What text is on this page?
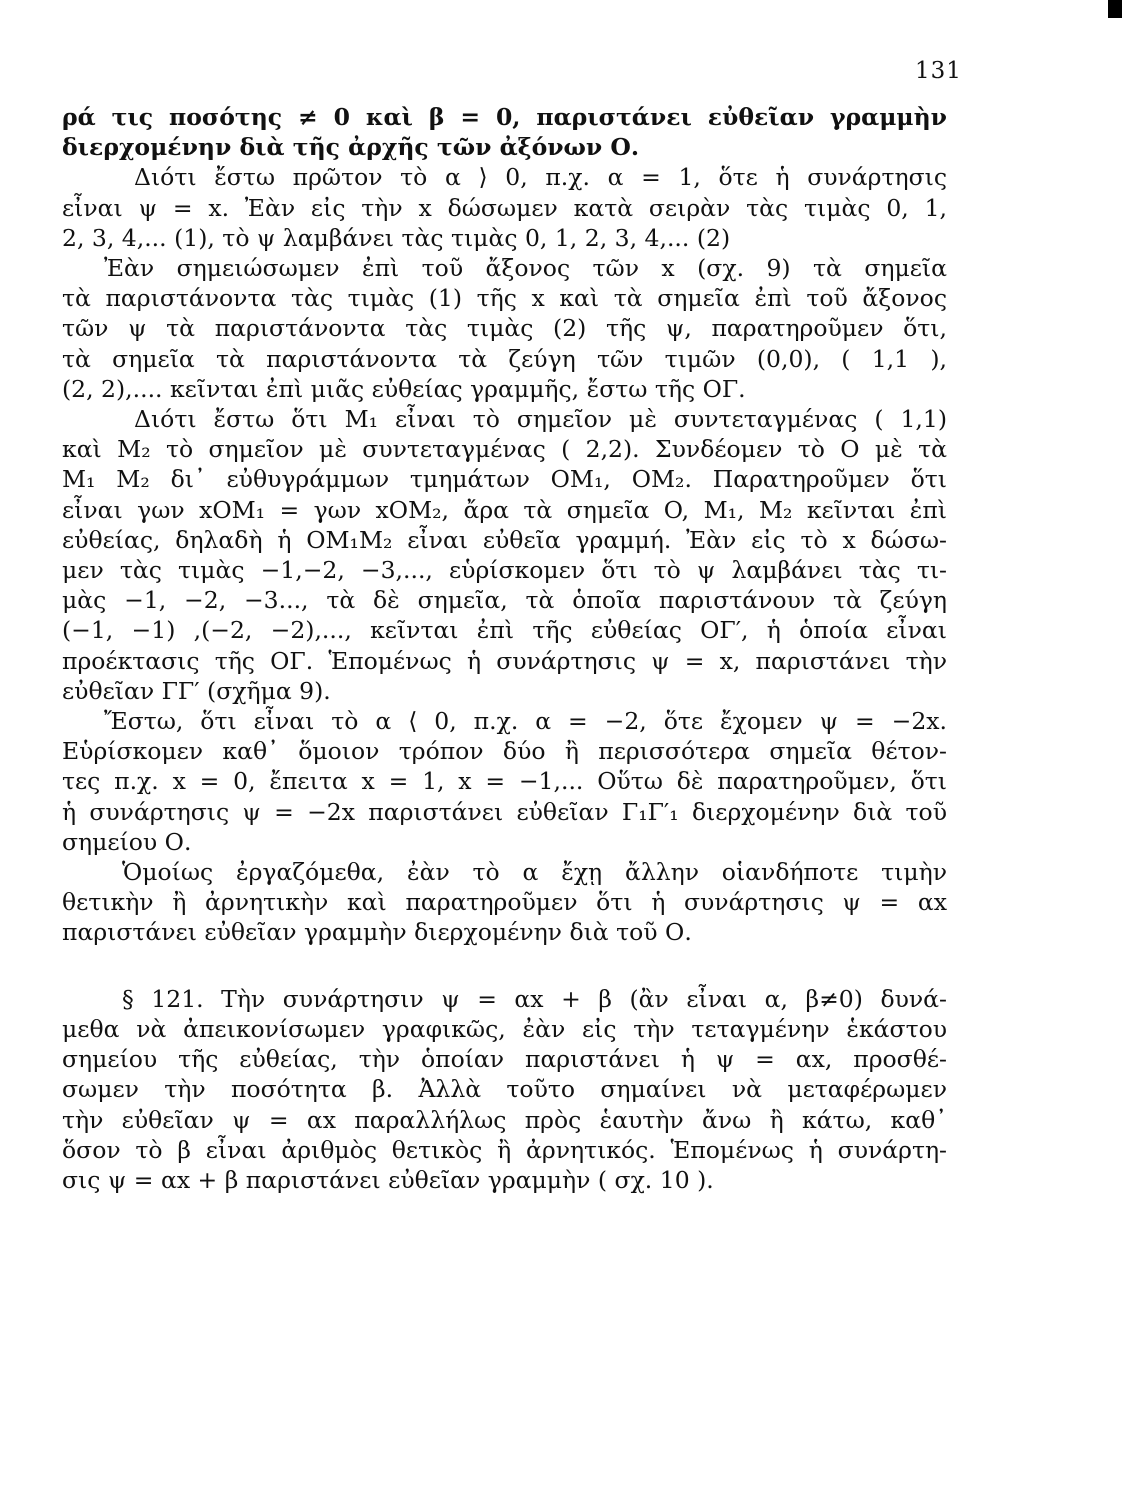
131
ρά τις ποσότης ≠ 0 καὶ β = 0, παριστάνει εὐθεῖαν γραμμὴν
διερχομένην διὰ τῆς ἀρχῆς τῶν ἀξόνων Ο.
Διότι ἔστω πρῶτον τὸ α ⟩ 0, π.χ. α = 1, ὅτε ἡ συνάρτησις
εἶναι ψ = x. Ἐὰν εἰς τὴν x δώσωμεν κατὰ σειρὰν τὰς τιμὰς 0, 1,
2, 3, 4,... (1), τὸ ψ λαμβάνει τὰς τιμὰς 0, 1, 2, 3, 4,... (2)
Ἐὰν σημειώσωμεν ἐπὶ τοῦ ἄξονος τῶν x (σχ. 9) τὰ σημεῖα
τὰ παριστάνοντα τὰς τιμὰς (1) τῆς x καὶ τὰ σημεῖα ἐπὶ τοῦ ἄξονος
τῶν ψ τὰ παριστάνοντα τὰς τιμὰς (2) τῆς ψ, παρατηροῦμεν ὅτι,
τὰ σημεῖα τὰ παριστάνοντα τὰ ζεύγη τῶν τιμῶν (0,0), ( 1,1 ),
(2, 2),.... κεῖνται ἐπὶ μιᾶς εὐθείας γραμμῆς, ἔστω τῆς ΟΓ.
Διότι ἔστω ὅτι M₁ εἶναι τὸ σημεῖον μὲ συντεταγμένας ( 1,1)
καὶ M₂ τὸ σημεῖον μὲ συντεταγμένας ( 2,2). Συνδέομεν τὸ Ο μὲ τὰ
M₁ M₂ δι᾽ εὐθυγράμμων τμημάτων OM₁, OM₂. Παρατηροῦμεν ὅτι
εἶναι γων xOM₁ = γων xOM₂, ἄρα τὰ σημεῖα O, M₁, M₂ κεῖνται ἐπὶ
εὐθείας, δηλαδὴ ἡ OM₁M₂ εἶναι εὐθεῖα γραμμή. Ἐὰν εἰς τὸ x δώσω-
μεν τὰς τιμὰς −1,−2, −3,..., εὑρίσκομεν ὅτι τὸ ψ λαμβάνει τὰς τι-
μὰς −1, −2, −3..., τὰ δὲ σημεῖα, τὰ ὁποῖα παριστάνουν τὰ ζεύγη
(−1, −1) ,(−2, −2),..., κεῖνται ἐπὶ τῆς εὐθείας ΟΓ′, ἡ ὁποία εἶναι
προέκτασις τῆς ΟΓ. Ἑπομένως ἡ συνάρτησις ψ = x, παριστάνει τὴν
εὐθεῖαν ΓΓ′ (σχῆμα 9).
Ἔστω, ὅτι εἶναι τὸ α ⟨ 0, π.χ. α = −2, ὅτε ἔχομεν ψ = −2x.
Εὑρίσκομεν καθ᾽ ὅμοιον τρόπον δύο ἢ περισσότερα σημεῖα θέτον-
τες π.χ. x = 0, ἔπειτα x = 1, x = −1,... Οὕτω δὲ παρατηροῦμεν, ὅτι
ἡ συνάρτησις ψ = −2x παριστάνει εὐθεῖαν Γ₁Γ′₁ διερχομένην διὰ τοῦ
σημείου Ο.
Ὁμοίως ἐργαζόμεθα, ἐὰν τὸ α ἔχῃ ἄλλην οἱανδήποτε τιμὴν
θετικὴν ἢ ἀρνητικὴν καὶ παρατηροῦμεν ὅτι ἡ συνάρτησις ψ = αx
παριστάνει εὐθεῖαν γραμμὴν διερχομένην διὰ τοῦ Ο.
§ 121. Τὴν συνάρτησιν ψ = αx + β (ἂν εἶναι α, β≠0) δυνά-
μεθα νὰ ἀπεικονίσωμεν γραφικῶς, ἐὰν εἰς τὴν τεταγμένην ἑκάστου
σημείου τῆς εὐθείας, τὴν ὁποίαν παριστάνει ἡ ψ = αx, προσθέ-
σωμεν τὴν ποσότητα β. Ἀλλὰ τοῦτο σημαίνει νὰ μεταφέρωμεν
τὴν εὐθεῖαν ψ = αx παραλλήλως πρὸς ἑαυτὴν ἄνω ἢ κάτω, καθ᾽
ὅσον τὸ β εἶναι ἀριθμὸς θετικὸς ἢ ἀρνητικός. Ἑπομένως ἡ συνάρτη-
σις ψ = αx + β παριστάνει εὐθεῖαν γραμμὴν ( σχ. 10 ).
